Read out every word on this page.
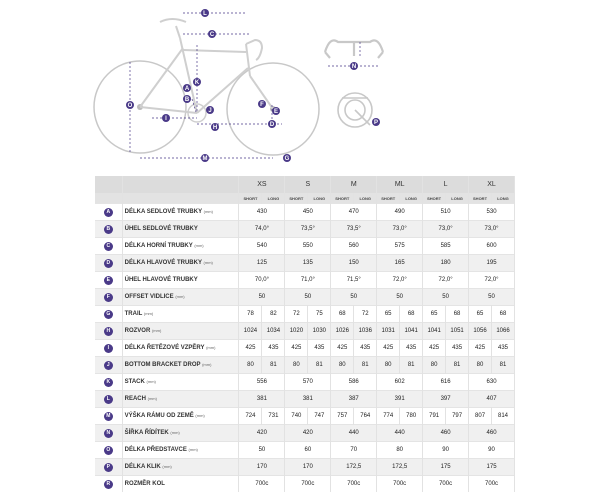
L
C
O
I
H
K
A
B
J
F
E
D
M	G
N
P
		XS		S		M		ML		L		XL	
		SHORT	LONG	SHORT	LONG	SHORT	LONG	SHORT	LONG	SHORT	LONG	SHORT	LONG
A	DÉLKA SEDLOVÉ TRUBKY (mm)	430		450		470		490		510		530	
B	ÚHEL SEDLOVÉ TRUBKY	74,0°		73,5°		73,5°		73,0°		73,0°		73,0°	
C	DÉLKA HORNÍ TRUBKY (mm)	540		550		560		575		585		600	
D	DÉLKA HLAVOVÉ TRUBKY (mm)	125		135		150		165		180		195	
E	ÚHEL HLAVOVÉ TRUBKY	70,0°		71,0°		71,5°		72,0°		72,0°		72,0°	
F	OFFSET VIDLICE (mm)	50		50		50		50		50		50	
G	TRAIL (mm)	78	82	72	75	68	72	65	68	65	68	65	68
H	ROZVOR (mm)	1024	1034	1020	1030	1026	1036	1031	1041	1041	1051	1056	1066
I	DÉLKA ŘETĚZOVÉ VZPĚRY (mm)	425	435	425	435	425	435	425	435	425	435	425	435
J	BOTTOM BRACKET DROP (mm)	80	81	80	81	80	81	80	81	80	81	80	81
K	STACK (mm)	556		570		586		602		616		630	
L	REACH (mm)	381		381		387		391		397		407	
M	VÝŠKA RÁMU OD ZEMĚ (mm)	724	731	740	747	757	764	774	780	791	797	807	814
N	ŠÍŘKA ŘÍDÍTEK (mm)	420		420		440		440		460		460	
O	DÉLKA PŘEDSTAVCE (mm)	50		60		70		80		90		90	
P	DÉLKA KLIK (mm)	170		170		172,5		172,5		175		175	
R	ROZMĚR KOL	700c		700c		700c		700c		700c		700c	
